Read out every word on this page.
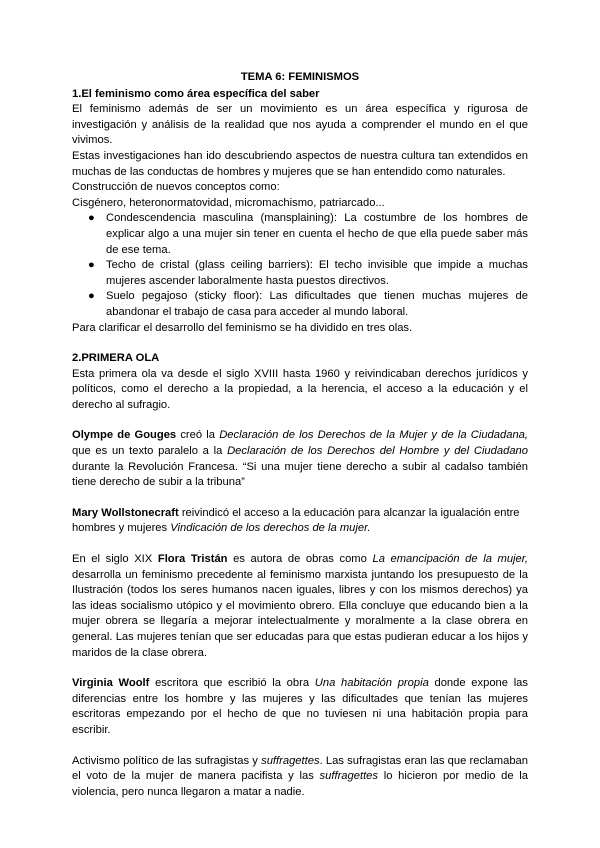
TEMA 6: FEMINISMOS
1.El feminismo como área específica del saber

El feminismo además de ser un movimiento es un área específica y rigurosa de investigación y análisis de la realidad que nos ayuda a comprender el mundo en el que vivimos.

Estas investigaciones han ido descubriendo aspectos de nuestra cultura tan extendidos en muchas de las conductas de hombres y mujeres que se han entendido como naturales.

Construcción de nuevos conceptos como:

Cisgénero, heteronormatovidad, micromachismo, patriarcado...

● Condescendencia masculina (mansplaining): La costumbre de los hombres de explicar algo a una mujer sin tener en cuenta el hecho de que ella puede saber más de ese tema.
● Techo de cristal (glass ceiling barriers): El techo invisible que impide a muchas mujeres ascender laboralmente hasta puestos directivos.
● Suelo pegajoso (sticky floor): Las dificultades que tienen muchas mujeres de abandonar el trabajo de casa para acceder al mundo laboral.

Para clarificar el desarrollo del feminismo se ha dividido en tres olas.

2.PRIMERA OLA

Esta primera ola va desde el siglo XVIII hasta 1960 y reivindicaban derechos jurídicos y políticos, como el derecho a la propiedad, a la herencia, el acceso a la educación y el derecho al sufragio.

Olympe de Gouges creó la Declaración de los Derechos de la Mujer y de la Ciudadana, que es un texto paralelo a la Declaración de los Derechos del Hombre y del Ciudadano durante la Revolución Francesa. “Si una mujer tiene derecho a subir al cadalso también tiene derecho de subir a la tribuna”

Mary Wollstonecraft reivindicó el acceso a la educación para alcanzar la igualación entre hombres y mujeres Vindicación de los derechos de la mujer.

En el siglo XIX Flora Tristán es autora de obras como La emancipación de la mujer, desarrolla un feminismo precedente al feminismo marxista juntando los presupuesto de la Ilustración (todos los seres humanos nacen iguales, libres y con los mismos derechos) ya las ideas socialismo utópico y el movimiento obrero. Ella concluye que educando bien a la mujer obrera se llegaría a mejorar intelectualmente y moralmente a la clase obrera en general. Las mujeres tenían que ser educadas para que estas pudieran educar a los hijos y maridos de la clase obrera.

Virginia Woolf escritora que escribió la obra Una habitación propia donde expone las diferencias entre los hombre y las mujeres y las dificultades que tenían las mujeres escritoras empezando por el hecho de que no tuviesen ni una habitación propia para escribir.

Activismo político de las sufragistas y suffragettes. Las sufragistas eran las que reclamaban el voto de la mujer de manera pacifista y las suffragettes lo hicieron por medio de la violencia, pero nunca llegaron a matar a nadie.
